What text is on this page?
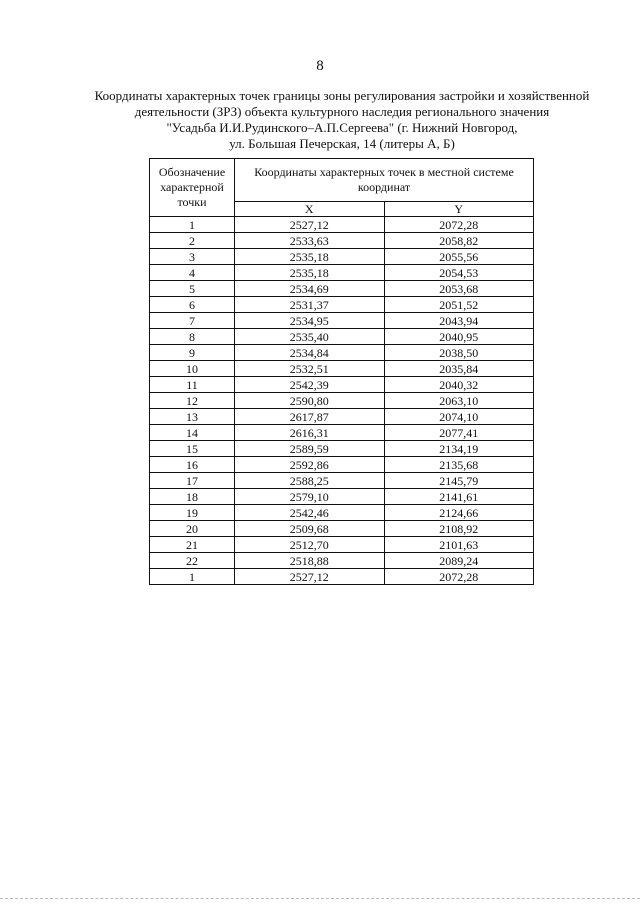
8
Координаты характерных точек границы зоны регулирования застройки и хозяйственной
деятельности (ЗРЗ) объекта культурного наследия регионального значения
"Усадьба И.И.Рудинского–А.П.Сергеева" (г. Нижний Новгород,
ул. Большая Печерская, 14 (литеры А, Б)
Обозначение характерной точки	Координаты характерных точек в местной системе координат	
	X	Y
1	2527,12	2072,28
2	2533,63	2058,82
3	2535,18	2055,56
4	2535,18	2054,53
5	2534,69	2053,68
6	2531,37	2051,52
7	2534,95	2043,94
8	2535,40	2040,95
9	2534,84	2038,50
10	2532,51	2035,84
11	2542,39	2040,32
12	2590,80	2063,10
13	2617,87	2074,10
14	2616,31	2077,41
15	2589,59	2134,19
16	2592,86	2135,68
17	2588,25	2145,79
18	2579,10	2141,61
19	2542,46	2124,66
20	2509,68	2108,92
21	2512,70	2101,63
22	2518,88	2089,24
1	2527,12	2072,28
